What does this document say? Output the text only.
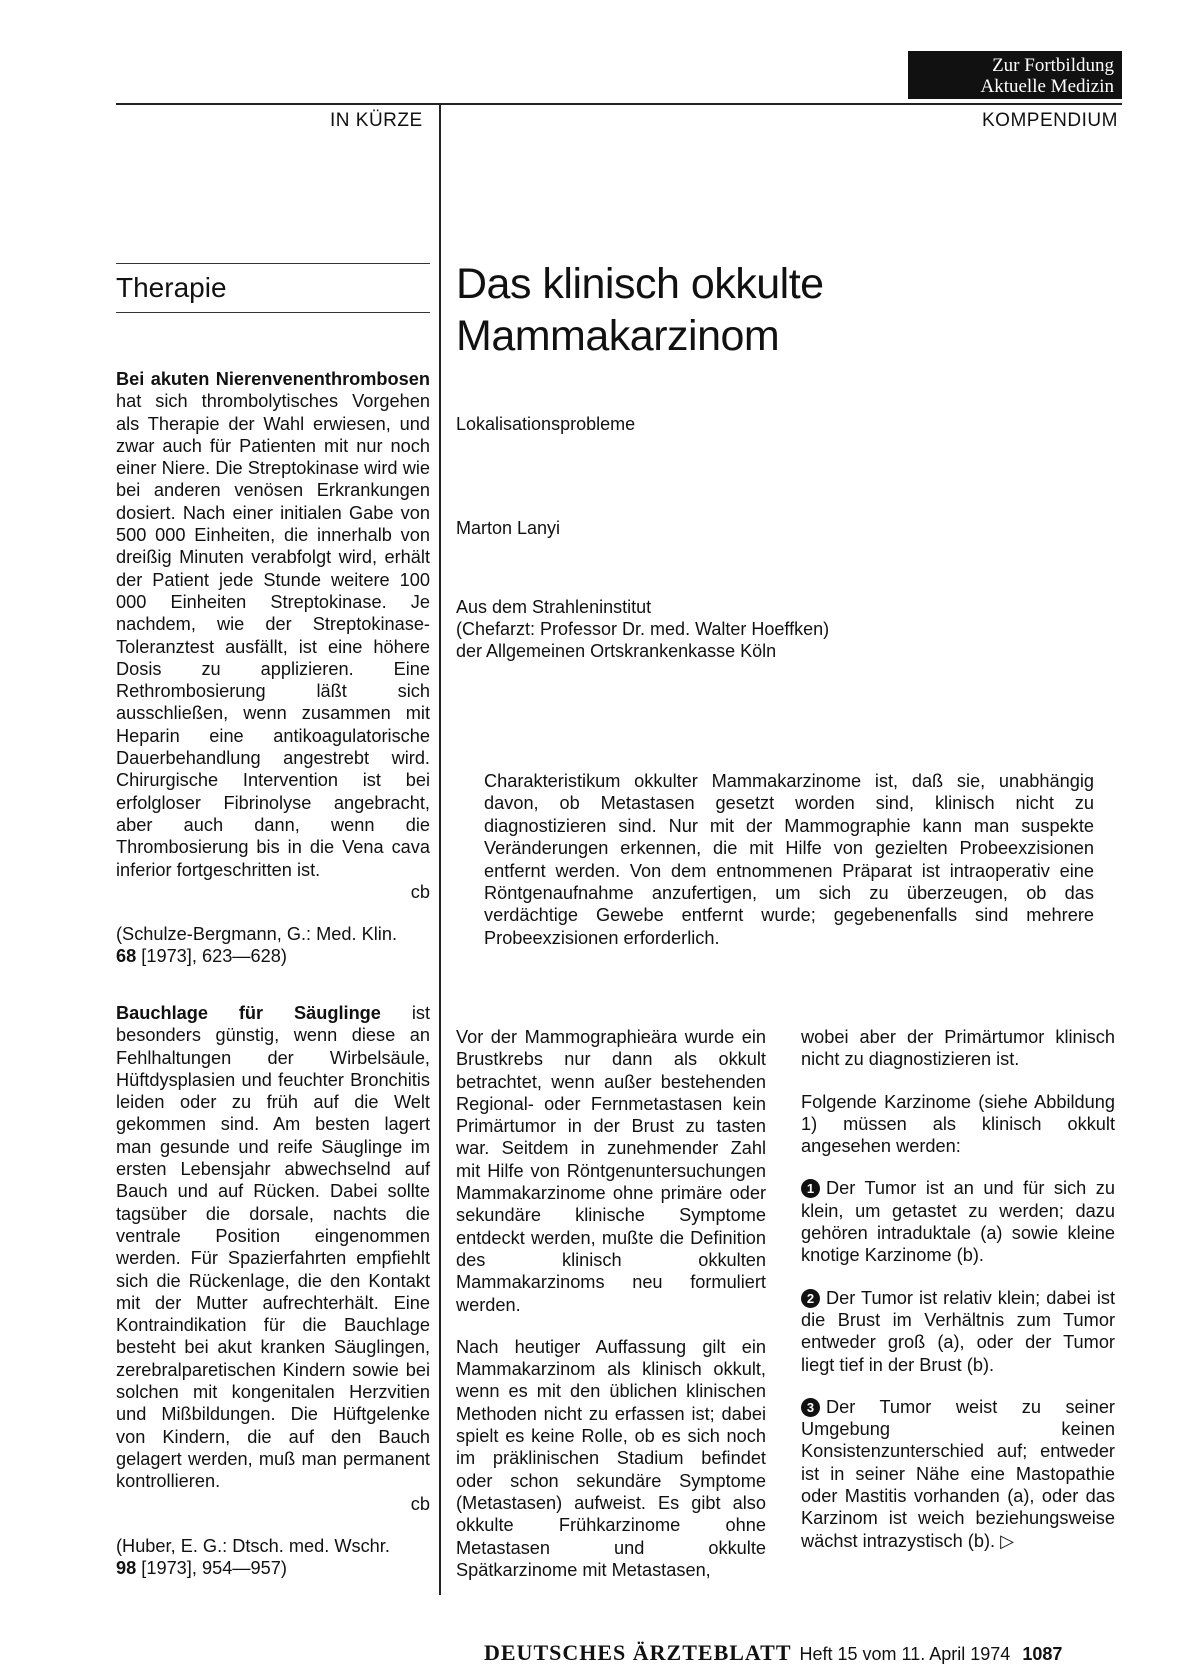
Zur Fortbildung
Aktuelle Medizin
IN KÜRZE	KOMPENDIUM
Therapie

Bei akuten Nierenvenenthrombosen hat sich thrombolytisches Vorgehen als Therapie der Wahl erwiesen, und zwar auch für Patienten mit nur noch einer Niere. Die Streptokinase wird wie bei anderen venösen Erkrankungen dosiert. Nach einer initialen Gabe von 500 000 Einheiten, die innerhalb von dreißig Minuten verabfolgt wird, erhält der Patient jede Stunde weitere 100 000 Einheiten Streptokinase. Je nachdem, wie der Streptokinase-Toleranztest ausfällt, ist eine höhere Dosis zu applizieren. Eine Rethrombosierung läßt sich ausschließen, wenn zusammen mit Heparin eine antikoagulatorische Dauerbehandlung angestrebt wird. Chirurgische Intervention ist bei erfolgloser Fibrinolyse angebracht, aber auch dann, wenn die Thrombosierung bis in die Vena cava inferior fortgeschritten ist.

cb

(Schulze-Bergmann, G.: Med. Klin.
68 [1973], 623—628)

Bauchlage für Säuglinge ist besonders günstig, wenn diese an Fehlhaltungen der Wirbelsäule, Hüftdysplasien und feuchter Bronchitis leiden oder zu früh auf die Welt gekommen sind. Am besten lagert man gesunde und reife Säuglinge im ersten Lebensjahr abwechselnd auf Bauch und auf Rücken. Dabei sollte tagsüber die dorsale, nachts die ventrale Position eingenommen werden. Für Spazierfahrten empfiehlt sich die Rückenlage, die den Kontakt mit der Mutter aufrechterhält. Eine Kontraindikation für die Bauchlage besteht bei akut kranken Säuglingen, zerebralparetischen Kindern sowie bei solchen mit kongenitalen Herzvitien und Mißbildungen. Die Hüftgelenke von Kindern, die auf den Bauch gelagert werden, muß man permanent kontrollieren.

cb

(Huber, E. G.: Dtsch. med. Wschr.
98 [1973], 954—957)

Das klinisch okkulte
Mammakarzinom
Lokalisationsprobleme
Marton Lanyi
Aus dem Strahleninstitut
(Chefarzt: Professor Dr. med. Walter Hoeffken)
der Allgemeinen Ortskrankenkasse Köln
Charakteristikum okkulter Mammakarzinome ist, daß sie, unabhängig davon, ob Metastasen gesetzt worden sind, klinisch nicht zu diagnostizieren sind. Nur mit der Mammographie kann man suspekte Veränderungen erkennen, die mit Hilfe von gezielten Probeexzisionen entfernt werden. Von dem entnommenen Präparat ist intraoperativ eine Röntgenaufnahme anzufertigen, um sich zu überzeugen, ob das verdächtige Gewebe entfernt wurde; gegebenenfalls sind mehrere Probeexzisionen erforderlich.

Vor der Mammographieära wurde ein Brustkrebs nur dann als okkult betrachtet, wenn außer bestehenden Regional- oder Fernmetastasen kein Primärtumor in der Brust zu tasten war. Seitdem in zunehmender Zahl mit Hilfe von Röntgenuntersuchungen Mammakarzinome ohne primäre oder sekundäre klinische Symptome entdeckt werden, mußte die Definition des klinisch okkulten Mammakarzinoms neu formuliert werden.

Nach heutiger Auffassung gilt ein Mammakarzinom als klinisch okkult, wenn es mit den üblichen klinischen Methoden nicht zu erfassen ist; dabei spielt es keine Rolle, ob es sich noch im präklinischen Stadium befindet oder schon sekundäre Symptome (Metastasen) aufweist. Es gibt also okkulte Frühkarzinome ohne Metastasen und okkulte Spätkarzinome mit Metastasen,

wobei aber der Primärtumor klinisch nicht zu diagnostizieren ist.

Folgende Karzinome (siehe Abbildung 1) müssen als klinisch okkult angesehen werden:

1 Der Tumor ist an und für sich zu klein, um getastet zu werden; dazu gehören intraduktale (a) sowie kleine knotige Karzinome (b).

2 Der Tumor ist relativ klein; dabei ist die Brust im Verhältnis zum Tumor entweder groß (a), oder der Tumor liegt tief in der Brust (b).

3 Der Tumor weist zu seiner Umgebung keinen Konsistenzunterschied auf; entweder ist in seiner Nähe eine Mastopathie oder Mastitis vorhanden (a), oder das Karzinom ist weich beziehungsweise wächst intrazystisch (b). ▷

DEUTSCHES ÄRZTEBLATT Heft 15 vom 11. April 1974 1087
